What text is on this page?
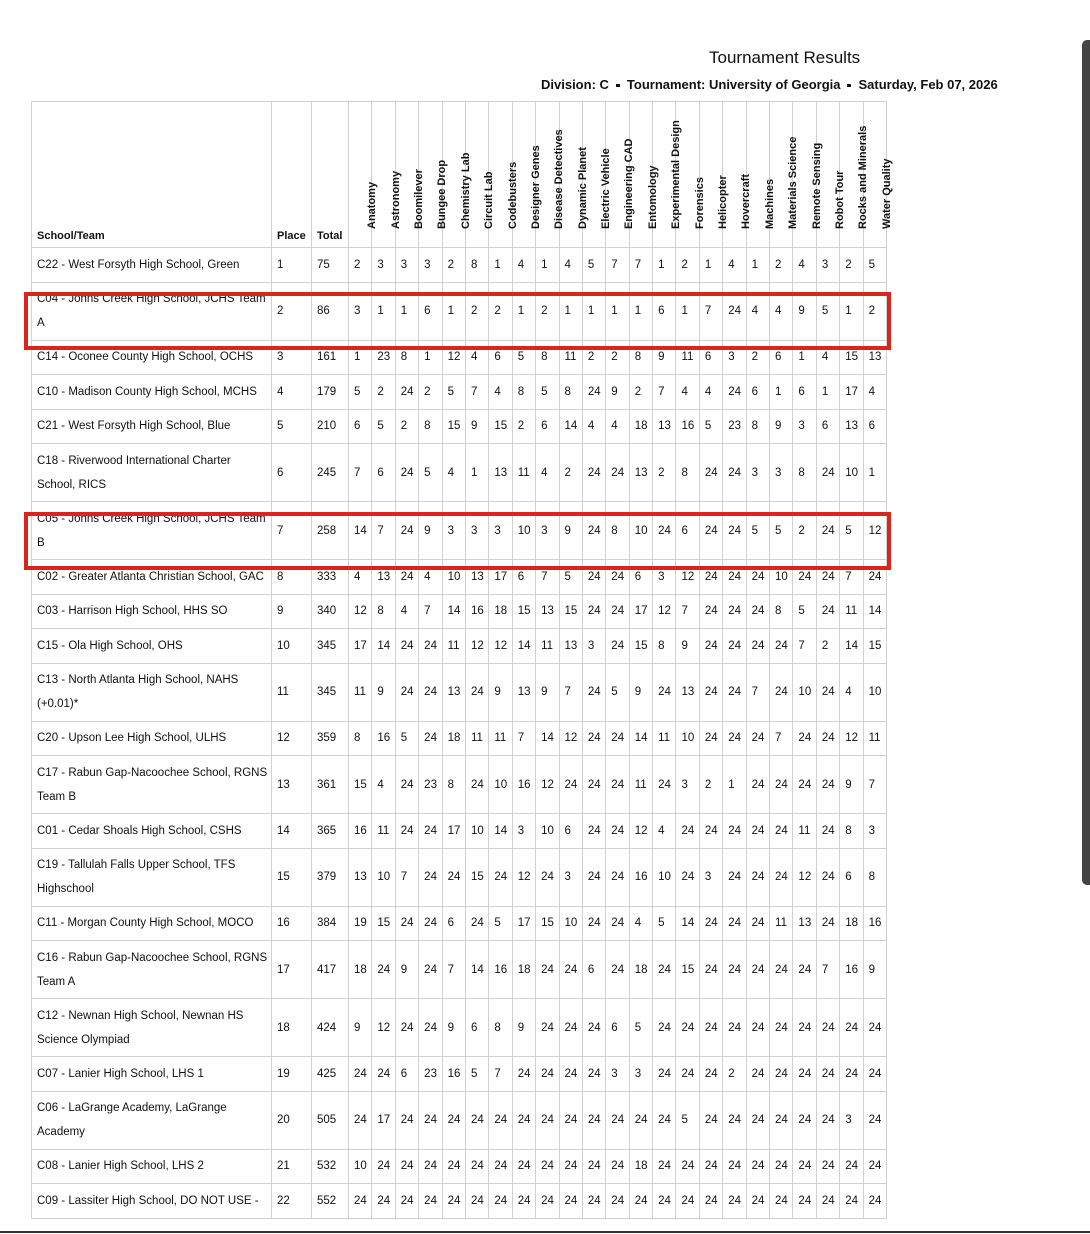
Tournament Results
Division: C Tournament: University of Georgia Saturday, Feb 07, 2026
School/Team	Place	Total	Anatomy	Astronomy	Boomilever	Bungee Drop	Chemistry Lab	Circuit Lab	Codebusters	Designer Genes	Disease Detectives	Dynamic Planet	Electric Vehicle	Engineering CAD	Entomology	Experimental Design	Forensics	Helicopter	Hovercraft	Machines	Materials Science	Remote Sensing	Robot Tour	Rocks and Minerals	Water Quality

C22 - West Forsyth High School, Green	1	75	2	3	3	3	2	8	1	4	1	4	5	7	7	1	2	1	4	1	2	4	3	2	5
C04 - Johns Creek High School, JCHS Team A	2	86	3	1	1	6	1	2	2	1	2	1	1	1	1	6	1	7	24	4	4	9	5	1	2
C14 - Oconee County High School, OCHS	3	161	1	23	8	1	12	4	6	5	8	11	2	2	8	9	11	6	3	2	6	1	4	15	13
C10 - Madison County High School, MCHS	4	179	5	2	24	2	5	7	4	8	5	8	24	9	2	7	4	4	24	6	1	6	1	17	4
C21 - West Forsyth High School, Blue	5	210	6	5	2	8	15	9	15	2	6	14	4	4	18	13	16	5	23	8	9	3	6	13	6
C18 - Riverwood International Charter School, RICS	6	245	7	6	24	5	4	1	13	11	4	2	24	24	13	2	8	24	24	3	3	8	24	10	1
C05 - Johns Creek High School, JCHS Team B	7	258	14	7	24	9	3	3	3	10	3	9	24	8	10	24	6	24	24	5	5	2	24	5	12
C02 - Greater Atlanta Christian School, GAC	8	333	4	13	24	4	10	13	17	6	7	5	24	24	6	3	12	24	24	24	10	24	24	7	24
C03 - Harrison High School, HHS SO	9	340	12	8	4	7	14	16	18	15	13	15	24	24	17	12	7	24	24	24	8	5	24	11	14
C15 - Ola High School, OHS	10	345	17	14	24	24	11	12	12	14	11	13	3	24	15	8	9	24	24	24	24	7	2	14	15
C13 - North Atlanta High School, NAHS (+0.01)*	11	345	11	9	24	24	13	24	9	13	9	7	24	5	9	24	13	24	24	7	24	10	24	4	10
C20 - Upson Lee High School, ULHS	12	359	8	16	5	24	18	11	11	7	14	12	24	24	14	11	10	24	24	24	7	24	24	12	11
C17 - Rabun Gap-Nacoochee School, RGNS Team B	13	361	15	4	24	23	8	24	10	16	12	24	24	24	11	24	3	2	1	24	24	24	24	9	7
C01 - Cedar Shoals High School, CSHS	14	365	16	11	24	24	17	10	14	3	10	6	24	24	12	4	24	24	24	24	24	11	24	8	3
C19 - Tallulah Falls Upper School, TFS Highschool	15	379	13	10	7	24	24	15	24	12	24	3	24	24	16	10	24	3	24	24	24	12	24	6	8
C11 - Morgan County High School, MOCO	16	384	19	15	24	24	6	24	5	17	15	10	24	24	4	5	14	24	24	24	11	13	24	18	16
C16 - Rabun Gap-Nacoochee School, RGNS Team A	17	417	18	24	9	24	7	14	16	18	24	24	6	24	18	24	15	24	24	24	24	24	7	16	9
C12 - Newnan High School, Newnan HS Science Olympiad	18	424	9	12	24	24	9	6	8	9	24	24	24	6	5	24	24	24	24	24	24	24	24	24	24
C07 - Lanier High School, LHS 1	19	425	24	24	6	23	16	5	7	24	24	24	24	3	3	24	24	24	2	24	24	24	24	24	24
C06 - LaGrange Academy, LaGrange Academy	20	505	24	17	24	24	24	24	24	24	24	24	24	24	24	24	5	24	24	24	24	24	24	3	24
C08 - Lanier High School, LHS 2	21	532	10	24	24	24	24	24	24	24	24	24	24	24	18	24	24	24	24	24	24	24	24	24	24
C09 - Lassiter High School, DO NOT USE -	22	552	24	24	24	24	24	24	24	24	24	24	24	24	24	24	24	24	24	24	24	24	24	24	24
